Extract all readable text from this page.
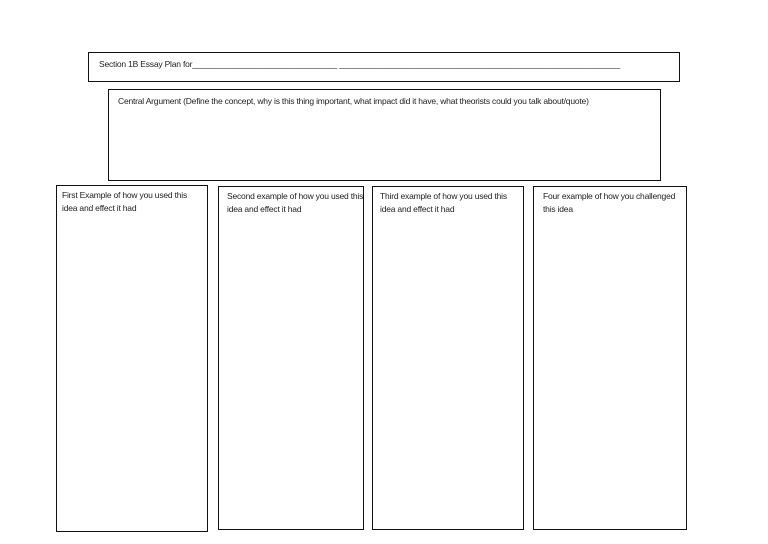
Section 1B Essay Plan for________________________________ ______________________________________________________________
Central Argument (Define the concept, why is this thing important, what impact did it have, what theorists could you talk about/quote)
First Example of how you used this idea and effect it had
Second example of how you used this idea and effect it had
Third example of how you used this idea and effect it had
Four example of how you challenged this idea
